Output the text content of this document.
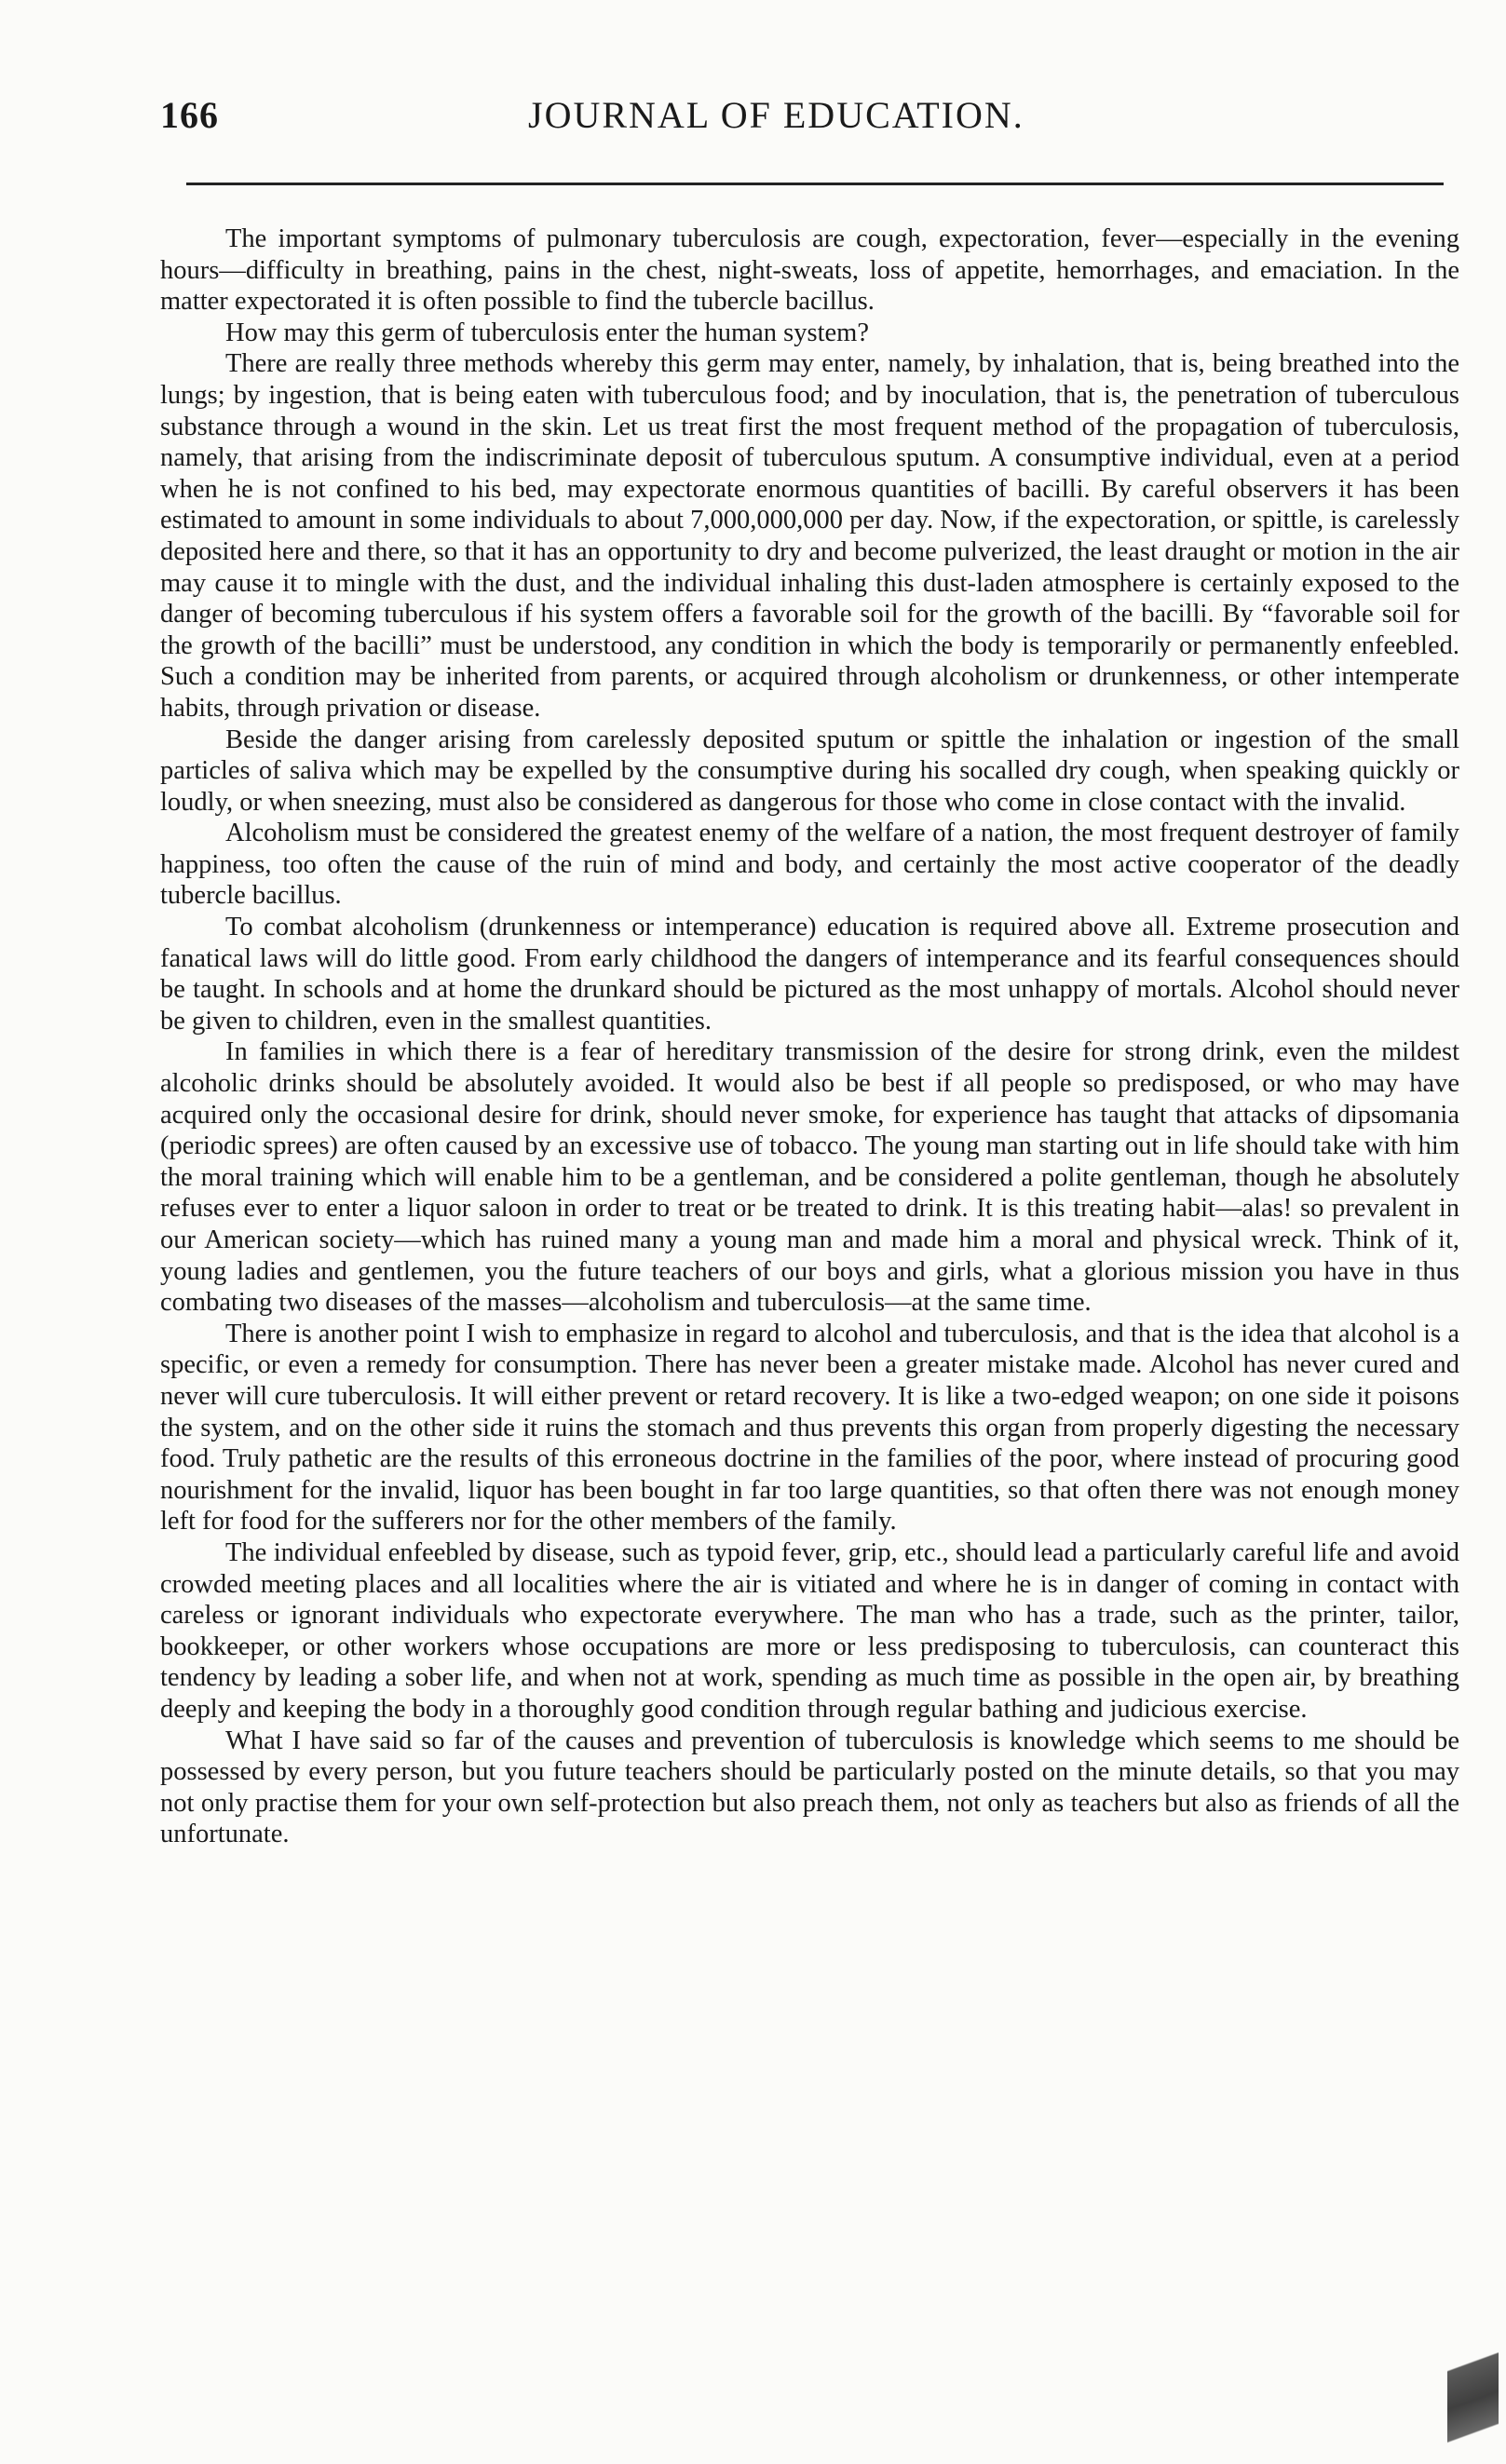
166	JOURNAL OF EDUCATION.

The important symptoms of pulmonary tuberculosis are cough, expectoration, fever—especially in the evening hours—difficulty in breathing, pains in the chest, night-sweats, loss of appetite, hemorrhages, and emaciation. In the matter expectorated it is often possible to find the tubercle bacillus.

How may this germ of tuberculosis enter the human system?

There are really three methods whereby this germ may enter, namely, by inhalation, that is, being breathed into the lungs; by ingestion, that is being eaten with tuberculous food; and by inoculation, that is, the penetration of tuberculous substance through a wound in the skin. Let us treat first the most frequent method of the propagation of tuberculosis, namely, that arising from the indiscriminate deposit of tuberculous sputum. A consumptive individual, even at a period when he is not confined to his bed, may expectorate enormous quantities of bacilli. By careful observers it has been estimated to amount in some individuals to about 7,000,000,000 per day. Now, if the expectoration, or spittle, is carelessly deposited here and there, so that it has an opportunity to dry and become pulverized, the least draught or motion in the air may cause it to mingle with the dust, and the individual inhaling this dust-laden atmosphere is certainly exposed to the danger of becoming tuberculous if his system offers a favorable soil for the growth of the bacilli. By “favorable soil for the growth of the bacilli” must be understood, any condition in which the body is temporarily or permanently enfeebled. Such a condition may be inherited from parents, or acquired through alcoholism or drunkenness, or other intemperate habits, through privation or disease.

Beside the danger arising from carelessly deposited sputum or spittle the inhalation or ingestion of the small particles of saliva which may be expelled by the consumptive during his socalled dry cough, when speaking quickly or loudly, or when sneezing, must also be considered as dangerous for those who come in close contact with the invalid.

Alcoholism must be considered the greatest enemy of the welfare of a nation, the most frequent destroyer of family happiness, too often the cause of the ruin of mind and body, and certainly the most active cooperator of the deadly tubercle bacillus.

To combat alcoholism (drunkenness or intemperance) education is required above all. Extreme prosecution and fanatical laws will do little good. From early childhood the dangers of intemperance and its fearful consequences should be taught. In schools and at home the drunkard should be pictured as the most unhappy of mortals. Alcohol should never be given to children, even in the smallest quantities.

In families in which there is a fear of hereditary transmission of the desire for strong drink, even the mildest alcoholic drinks should be absolutely avoided. It would also be best if all people so predisposed, or who may have acquired only the occasional desire for drink, should never smoke, for experience has taught that attacks of dipsomania (periodic sprees) are often caused by an excessive use of tobacco. The young man starting out in life should take with him the moral training which will enable him to be a gentleman, and be considered a polite gentleman, though he absolutely refuses ever to enter a liquor saloon in order to treat or be treated to drink. It is this treating habit—alas! so prevalent in our American society—which has ruined many a young man and made him a moral and physical wreck. Think of it, young ladies and gentlemen, you the future teachers of our boys and girls, what a glorious mission you have in thus combating two diseases of the masses—alcoholism and tuberculosis—at the same time.

There is another point I wish to emphasize in regard to alcohol and tuberculosis, and that is the idea that alcohol is a specific, or even a remedy for consumption. There has never been a greater mistake made. Alcohol has never cured and never will cure tuberculosis. It will either prevent or retard recovery. It is like a two-edged weapon; on one side it poisons the system, and on the other side it ruins the stomach and thus prevents this organ from properly digesting the necessary food. Truly pathetic are the results of this erroneous doctrine in the families of the poor, where instead of procuring good nourishment for the invalid, liquor has been bought in far too large quantities, so that often there was not enough money left for food for the sufferers nor for the other members of the family.

The individual enfeebled by disease, such as typoid fever, grip, etc., should lead a particularly careful life and avoid crowded meeting places and all localities where the air is vitiated and where he is in danger of coming in contact with careless or ignorant individuals who expectorate everywhere. The man who has a trade, such as the printer, tailor, bookkeeper, or other workers whose occupations are more or less predisposing to tuberculosis, can counteract this tendency by leading a sober life, and when not at work, spending as much time as possible in the open air, by breathing deeply and keeping the body in a thoroughly good condition through regular bathing and judicious exercise.

What I have said so far of the causes and prevention of tuberculosis is knowledge which seems to me should be possessed by every person, but you future teachers should be particularly posted on the minute details, so that you may not only practise them for your own self-protection but also preach them, not only as teachers but also as friends of all the unfortunate.
